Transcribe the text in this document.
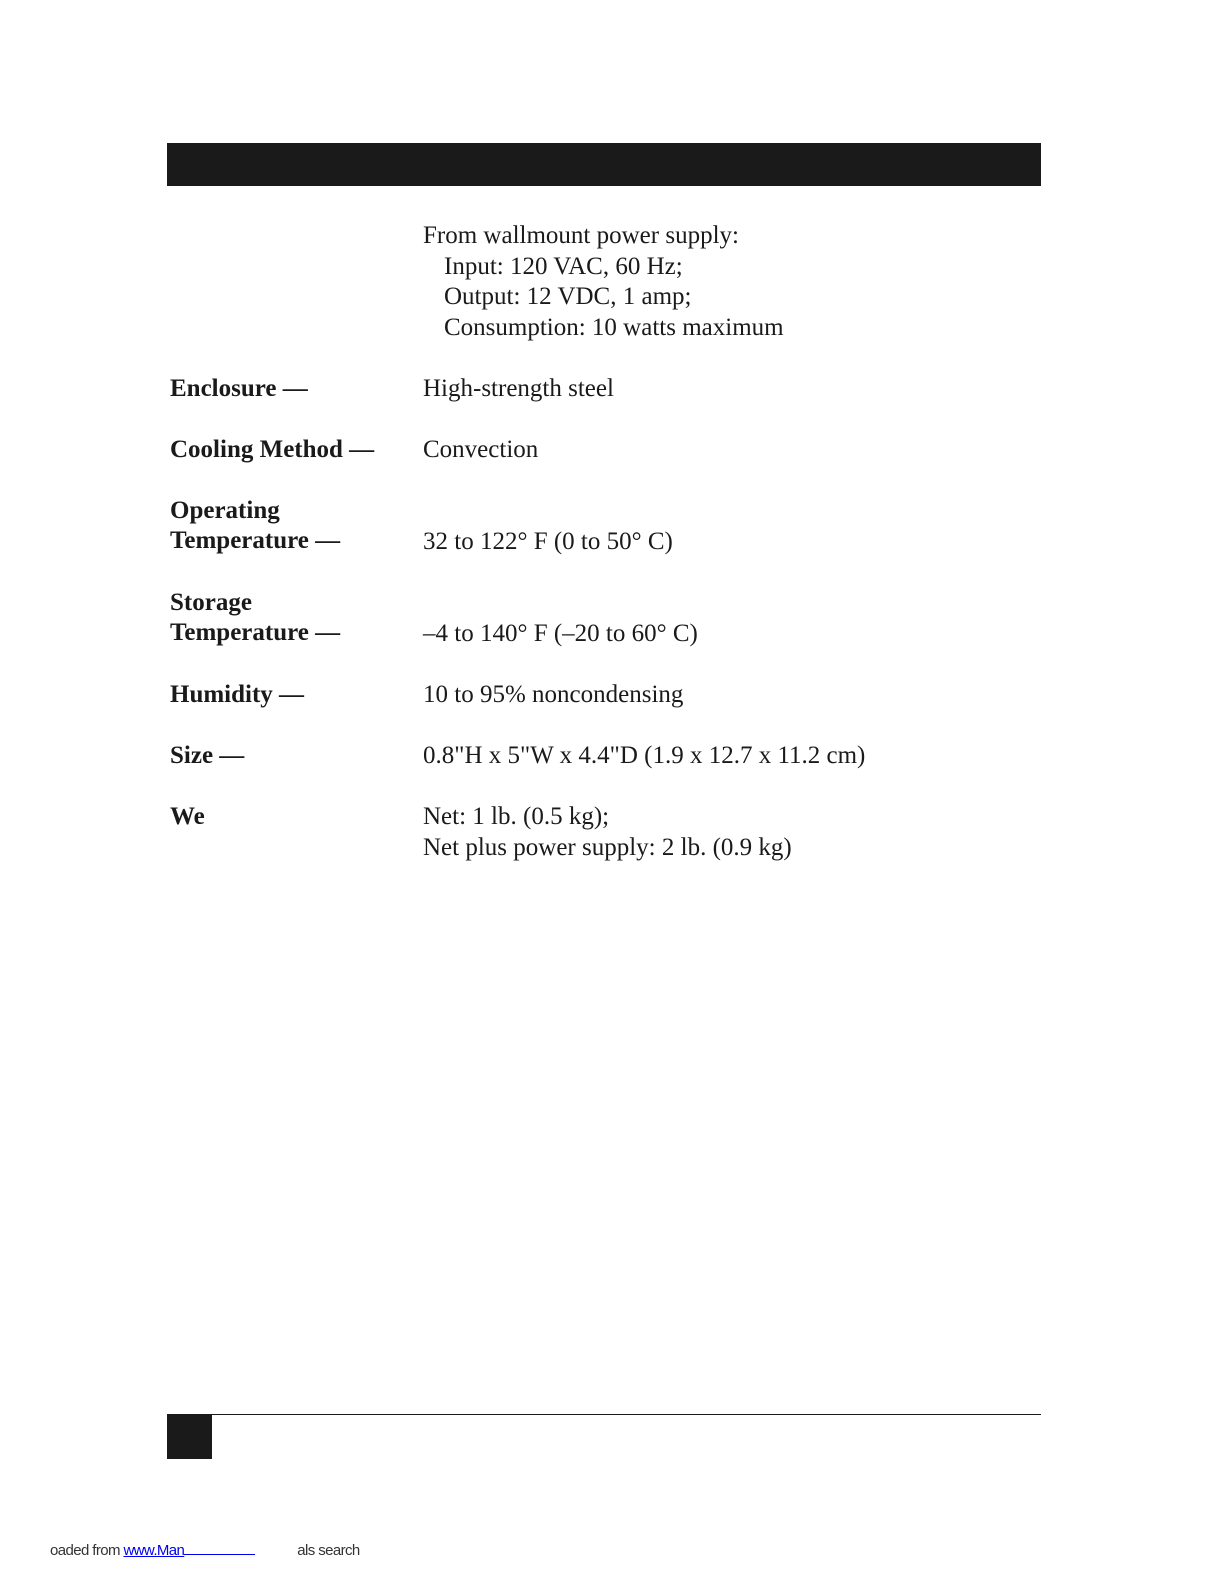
From wallmount power supply:
Input: 120 VAC, 60 Hz;
Output: 12 VDC, 1 amp;
Consumption: 10 watts maximum
Enclosure —	High-strength steel
Cooling Method — Convection
Operating
Temperature —	32 to 122° F (0 to 50° C)
Storage
Temperature —	–4 to 140° F (–20 to 60° C)
Humidity —	10 to 95% noncondensing
Size —	0.8"H x 5"W x 4.4"D (1.9 x 12.7 x 11.2 cm)
We	Net: 1 lb. (0.5 kg);
Net plus power supply: 2 lb. (0.9 kg)
oaded from www.Man	als search
